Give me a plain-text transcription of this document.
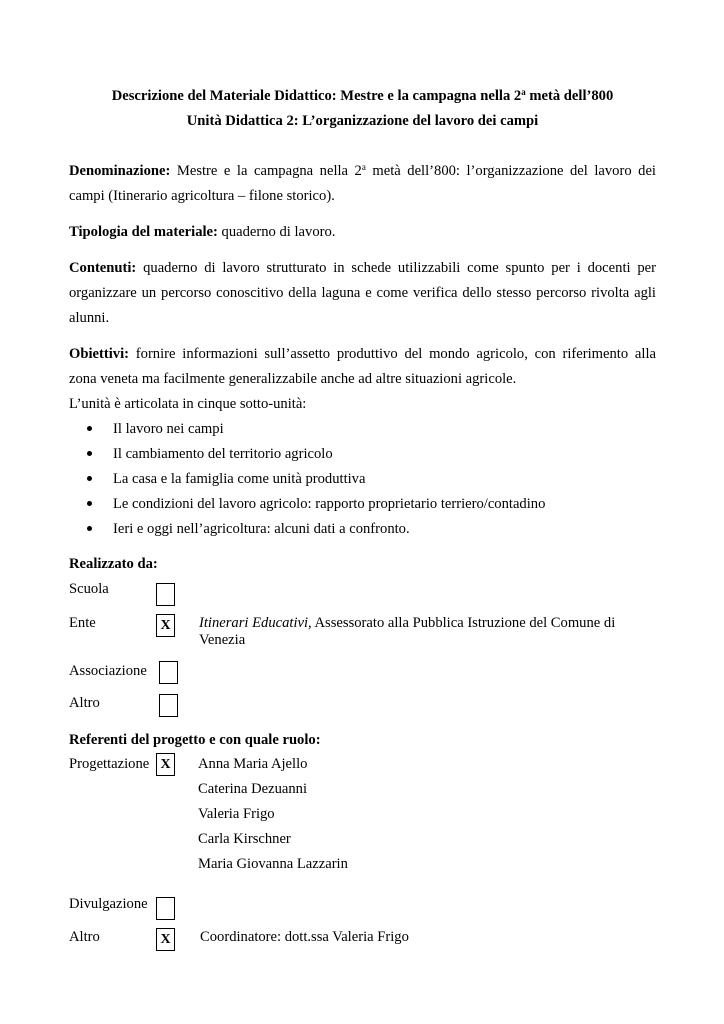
Descrizione del Materiale Didattico: Mestre e la campagna nella 2$^a$ metà dell’800
Unità Didattica 2: L’organizzazione del lavoro dei campi
Denominazione: Mestre e la campagna nella 2$^a$ metà dell’800: l’organizzazione del lavoro dei
campi (Itinerario agricoltura – filone storico).
Tipologia del materiale: quaderno di lavoro.
Contenuti: quaderno di lavoro strutturato in schede utilizzabili come spunto per i docenti per
organizzare un percorso conoscitivo della laguna e come verifica dello stesso percorso rivolta agli
alunni.
Obiettivi: fornire informazioni sull’assetto produttivo del mondo agricolo, con riferimento alla
zona veneta ma facilmente generalizzabile anche ad altre situazioni agricole.
L’unità è articolata in cinque sotto-unità:
Il lavoro nei campi
Il cambiamento del territorio agricolo
La casa e la famiglia come unità produttiva
Le condizioni del lavoro agricolo: rapporto proprietario terriero/contadino
Ieri e oggi nell’agricoltura: alcuni dati a confronto.
Realizzato da:
Scuola
Ente	X	Itinerari Educativi, Assessorato alla Pubblica Istruzione del Comune di
Venezia
Associazione
Altro
Referenti del progetto e con quale ruolo:
Progettazione X	Anna Maria Ajello
Caterina Dezuanni
Valeria Frigo
Carla Kirschner
Maria Giovanna Lazzarin
Divulgazione
Altro	X	Coordinatore: dott.ssa Valeria Frigo
